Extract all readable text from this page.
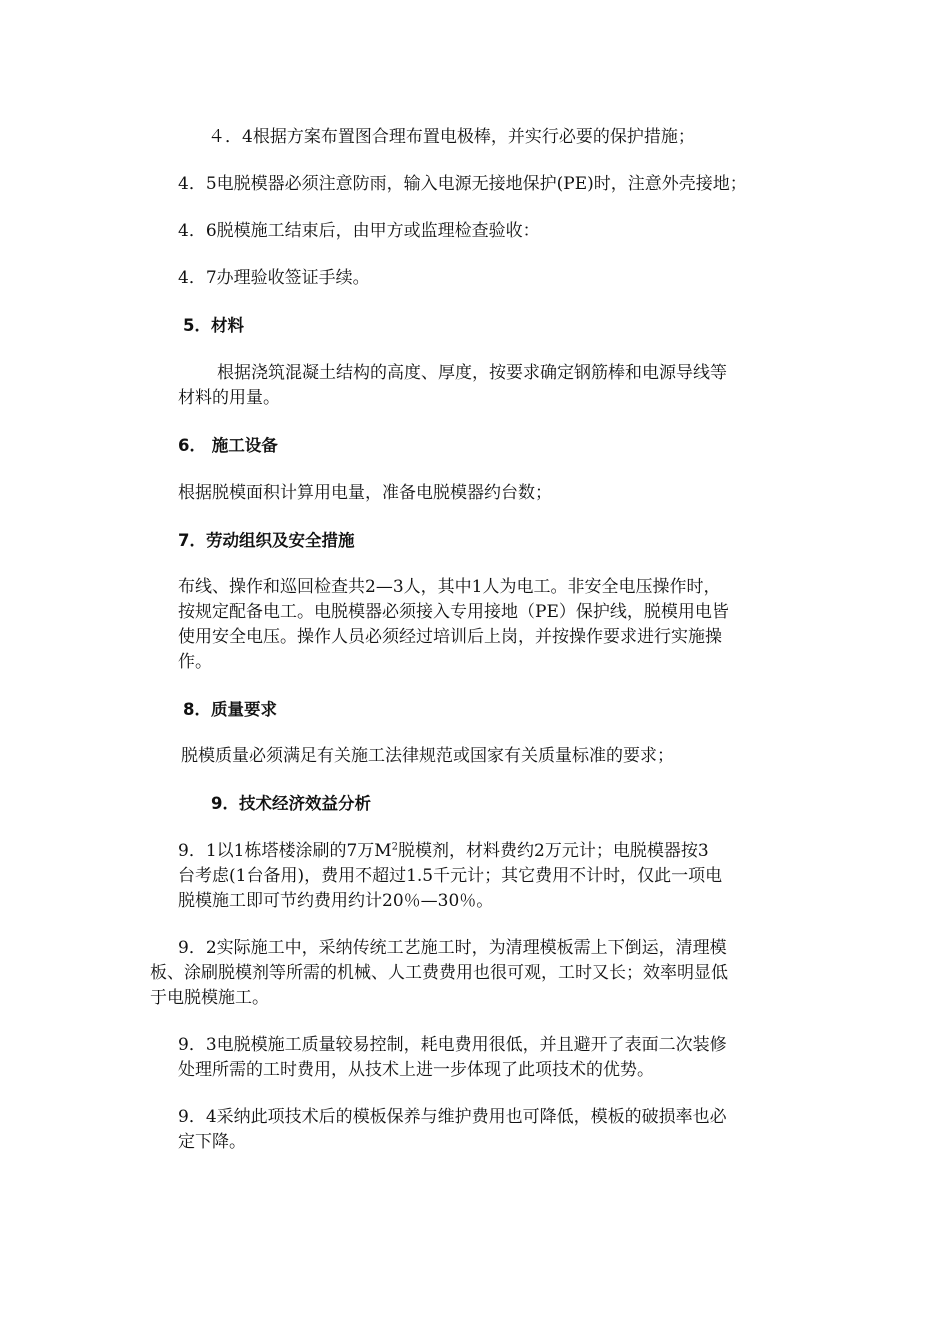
４．4根据方案布置图合理布置电极棒，并实行必要的保护措施；

4．5电脱模器必须注意防雨，输入电源无接地保护(PE)时，注意外壳接地；

4．6脱模施工结束后，由甲方或监理检查验收：

4．7办理验收签证手续。

5．材料

根据浇筑混凝土结构的高度、厚度，按要求确定钢筋棒和电源导线等

材料的用量。

6． 施工设备

根据脱模面积计算用电量，准备电脱模器约台数；

7．劳动组织及安全措施

布线、操作和巡回检查共2—3人，其中1人为电工。非安全电压操作时，

按规定配备电工。电脱模器必须接入专用接地（PE）保护线，脱模用电皆

使用安全电压。操作人员必须经过培训后上岗，并按操作要求进行实施操

作。

8．质量要求

脱模质量必须满足有关施工法律规范或国家有关质量标准的要求；

9．技术经济效益分析

9．1以1栋塔楼涂刷的7万$M^2$脱模剂，材料费约2万元计；电脱模器按3

台考虑(1台备用)，费用不超过1.5千元计；其它费用不计时，仅此一项电

脱模施工即可节约费用约计20％—30％。

9．2实际施工中，采纳传统工艺施工时，为清理模板需上下倒运，清理模

板、涂刷脱模剂等所需的机械、人工费费用也很可观，工时又长；效率明显低

于电脱模施工。

9．3电脱模施工质量较易控制，耗电费用很低，并且避开了表面二次装修

处理所需的工时费用，从技术上进一步体现了此项技术的优势。

9．4采纳此项技术后的模板保养与维护费用也可降低，模板的破损率也必

定下降。
